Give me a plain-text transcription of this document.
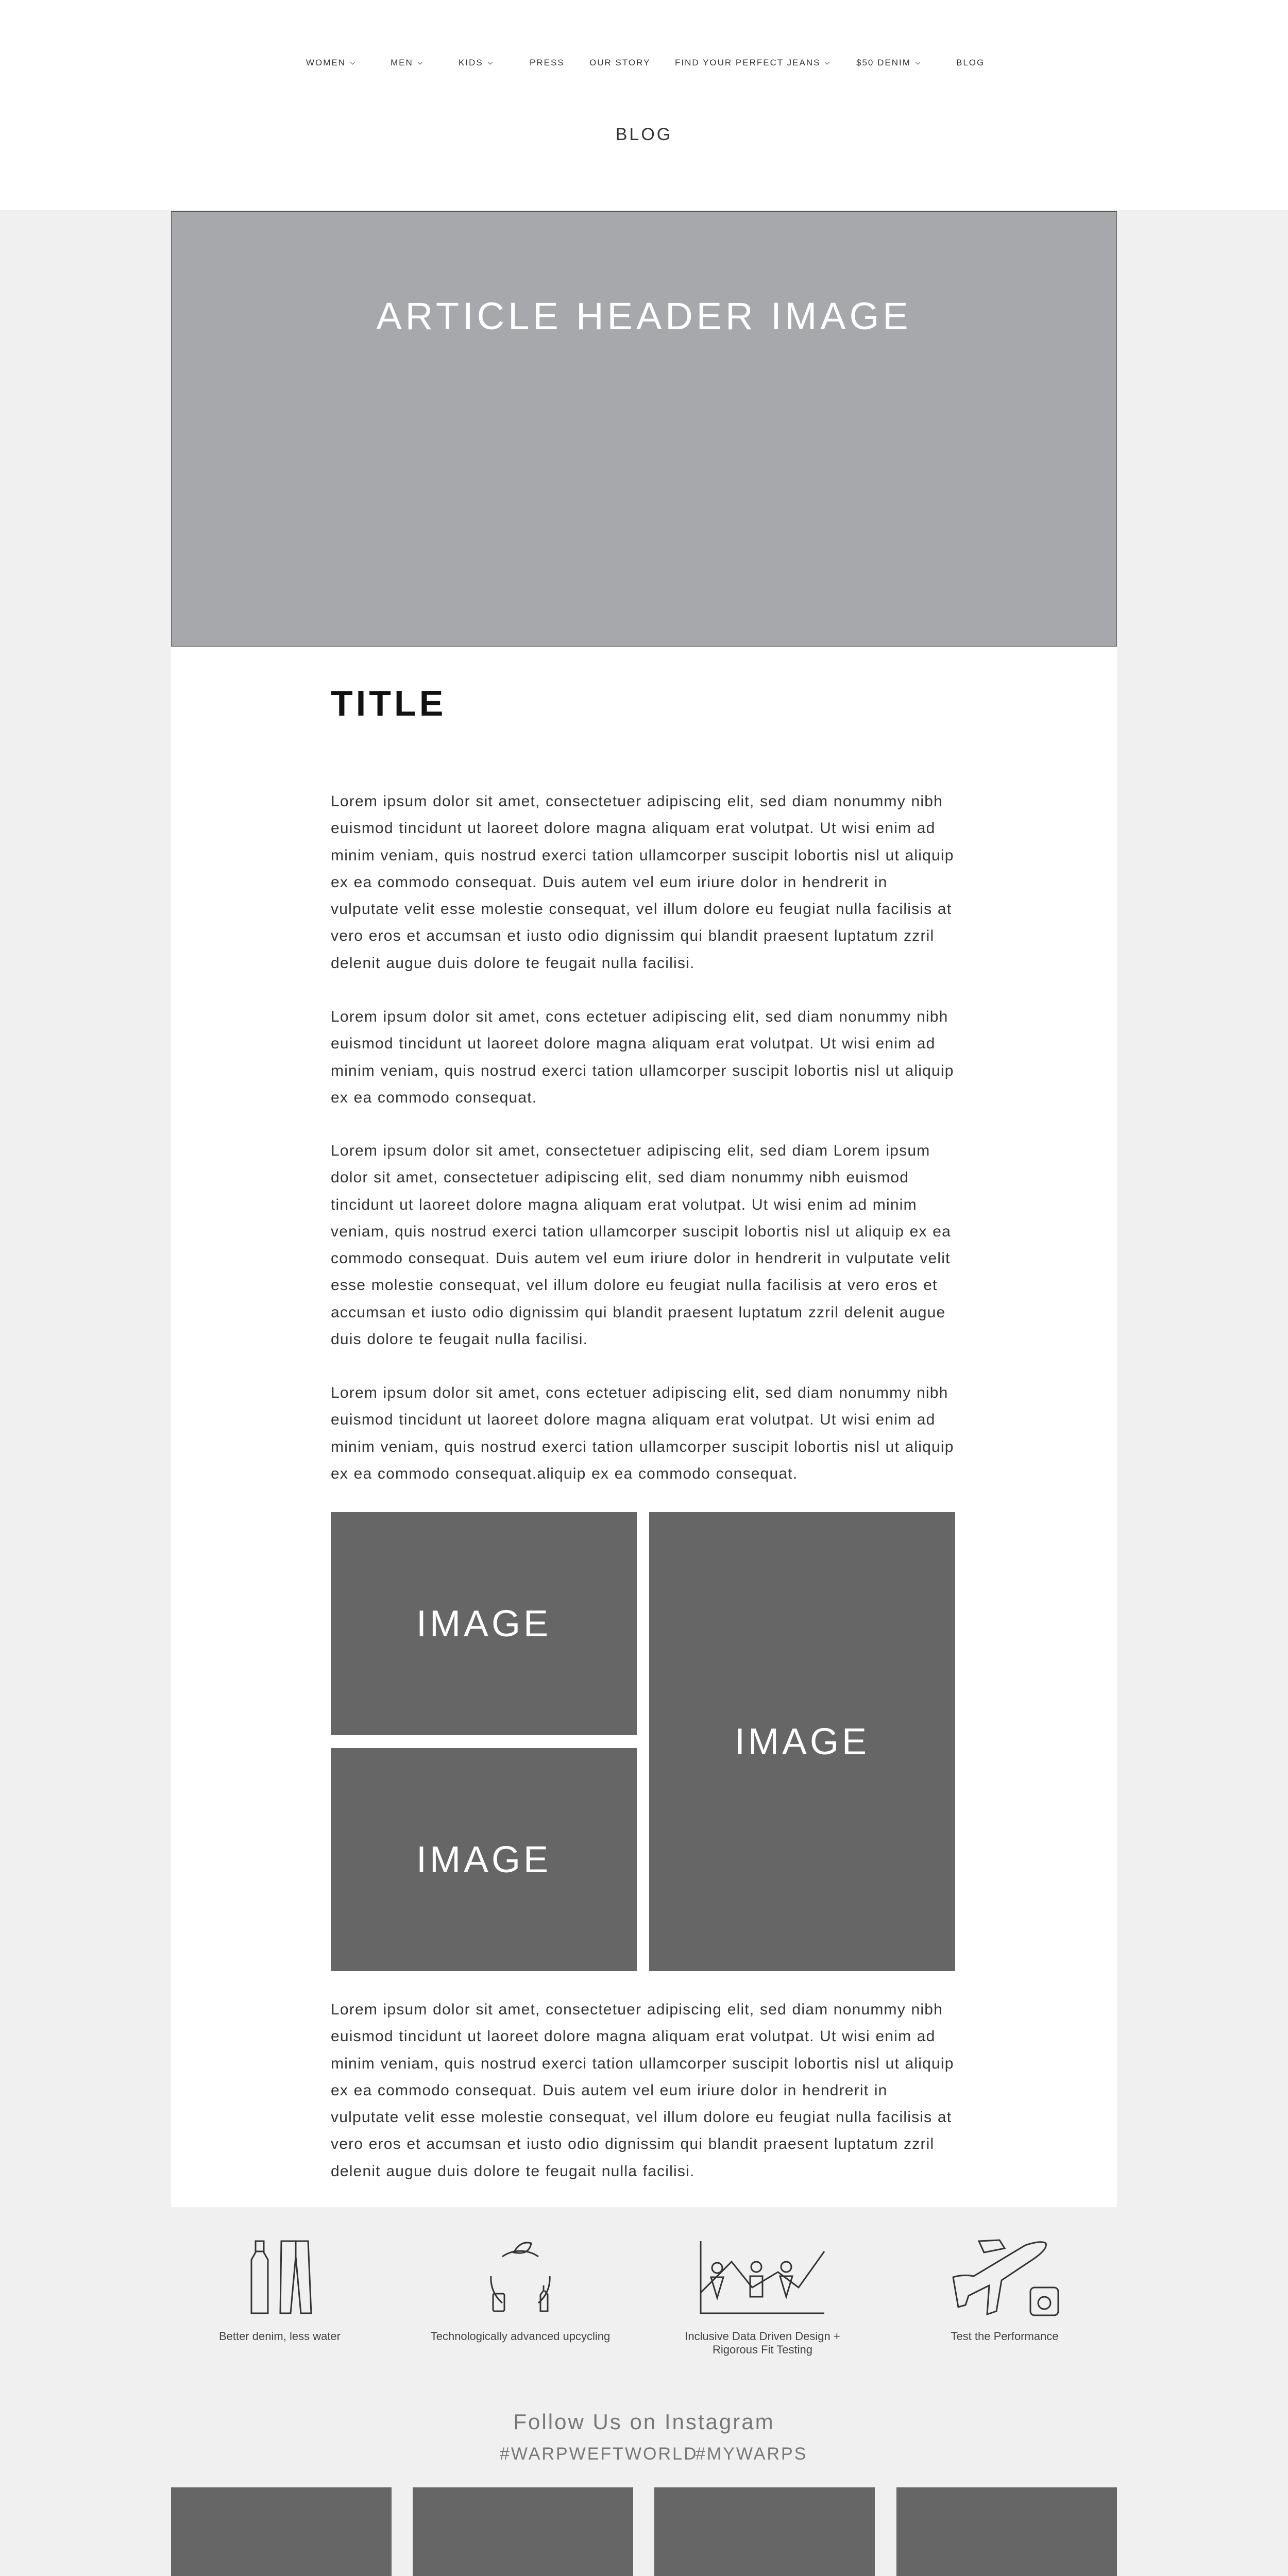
WOMEN	MEN	KIDS	PRESS	OUR STORY	FIND YOUR PERFECT JEANS	$50 DENIM	BLOG
BLOG
ARTICLE HEADER IMAGE
TITLE

Lorem ipsum dolor sit amet, consectetuer adipiscing elit, sed diam nonummy nibh euismod tincidunt ut laoreet dolore magna aliquam erat volutpat. Ut wisi enim ad minim veniam, quis nostrud exerci tation ullamcorper suscipit lobortis nisl ut aliquip ex ea commodo consequat. Duis autem vel eum iriure dolor in hendrerit in vulputate velit esse molestie consequat, vel illum dolore eu feugiat nulla facilisis at vero eros et accumsan et iusto odio dignissim qui blandit praesent luptatum zzril delenit augue duis dolore te feugait nulla facilisi.

Lorem ipsum dolor sit amet, cons ectetuer adipiscing elit, sed diam nonummy nibh euismod tincidunt ut laoreet dolore magna aliquam erat volutpat. Ut wisi enim ad minim veniam, quis nostrud exerci tation ullamcorper suscipit lobortis nisl ut aliquip ex ea commodo consequat.

Lorem ipsum dolor sit amet, consectetuer adipiscing elit, sed diam Lorem ipsum dolor sit amet, consectetuer adipiscing elit, sed diam nonummy nibh euismod tincidunt ut laoreet dolore magna aliquam erat volutpat. Ut wisi enim ad minim veniam, quis nostrud exerci tation ullamcorper suscipit lobortis nisl ut aliquip ex ea commodo consequat. Duis autem vel eum iriure dolor in hendrerit in vulputate velit esse molestie consequat, vel illum dolore eu feugiat nulla facilisis at vero eros et accumsan et iusto odio dignissim qui blandit praesent luptatum zzril delenit augue duis dolore te feugait nulla facilisi.

Lorem ipsum dolor sit amet, cons ectetuer adipiscing elit, sed diam nonummy nibh euismod tincidunt ut laoreet dolore magna aliquam erat volutpat. Ut wisi enim ad minim veniam, quis nostrud exerci tation ullamcorper suscipit lobortis nisl ut aliquip ex ea commodo consequat.aliquip ex ea commodo consequat.

IMAGE
IMAGE
IMAGE

Lorem ipsum dolor sit amet, consectetuer adipiscing elit, sed diam nonummy nibh euismod tincidunt ut laoreet dolore magna aliquam erat volutpat. Ut wisi enim ad minim veniam, quis nostrud exerci tation ullamcorper suscipit lobortis nisl ut aliquip ex ea commodo consequat. Duis autem vel eum iriure dolor in hendrerit in vulputate velit esse molestie consequat, vel illum dolore eu feugiat nulla facilisis at vero eros et accumsan et iusto odio dignissim qui blandit praesent luptatum zzril delenit augue duis dolore te feugait nulla facilisi.

Better denim, less water	Technologically advanced upcycling	Inclusive Data Driven Design + Rigorous Fit Testing
Test the Performance
Follow Us on Instagram
#WARPWEFTWORLD
#MYWARPS
